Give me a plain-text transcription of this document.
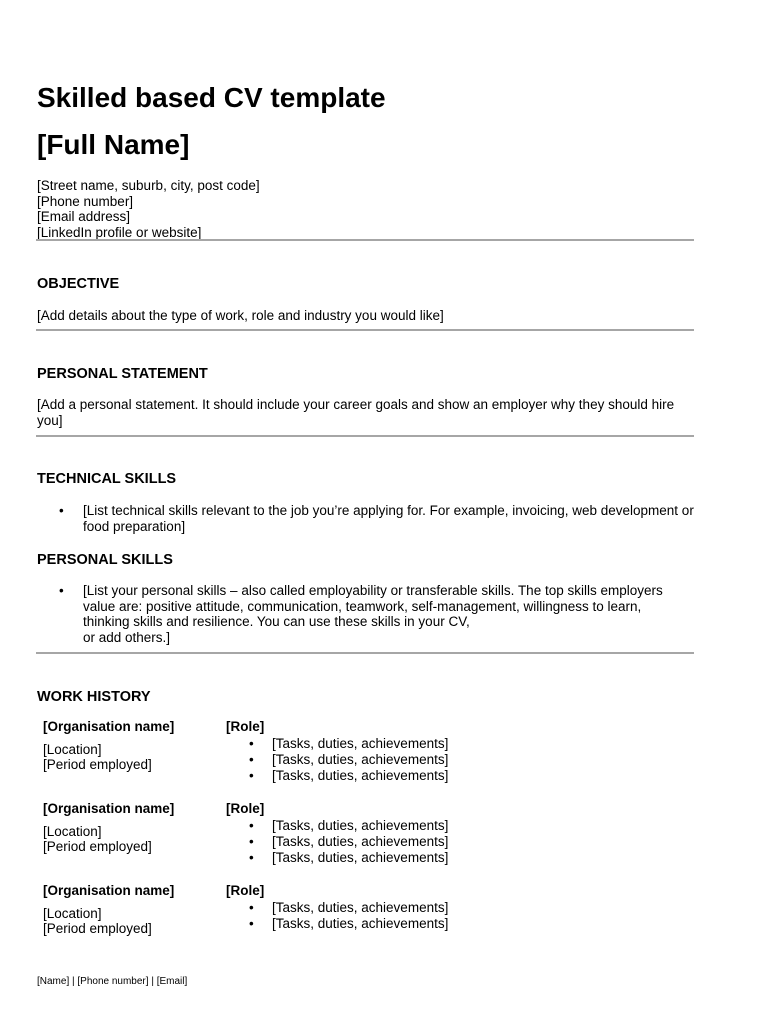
Skilled based CV template
[Full Name]
[Street name, suburb, city, post code]
[Phone number]
[Email address]
[LinkedIn profile or website]
OBJECTIVE
[Add details about the type of work, role and industry you would like]
PERSONAL STATEMENT
[Add a personal statement. It should include your career goals and show an employer why they should hire you]
TECHNICAL SKILLS
• [List technical skills relevant to the job you’re applying for. For example, invoicing, web development or food preparation]
PERSONAL SKILLS
• [List your personal skills – also called employability or transferable skills. The top skills employers
value are: positive attitude, communication, teamwork, self-management, willingness to learn,
thinking skills and resilience. You can use these skills in your CV,
or add others.]
WORK HISTORY
[Organisation name]
[Location]
[Period employed]
[Role]
• [Tasks, duties, achievements]
• [Tasks, duties, achievements]
• [Tasks, duties, achievements]
[Organisation name]
[Location]
[Period employed]
[Role]
• [Tasks, duties, achievements]
• [Tasks, duties, achievements]
• [Tasks, duties, achievements]
[Organisation name]
[Location]
[Period employed]
[Role]
• [Tasks, duties, achievements]
• [Tasks, duties, achievements]
[Name] | [Phone number] | [Email]
